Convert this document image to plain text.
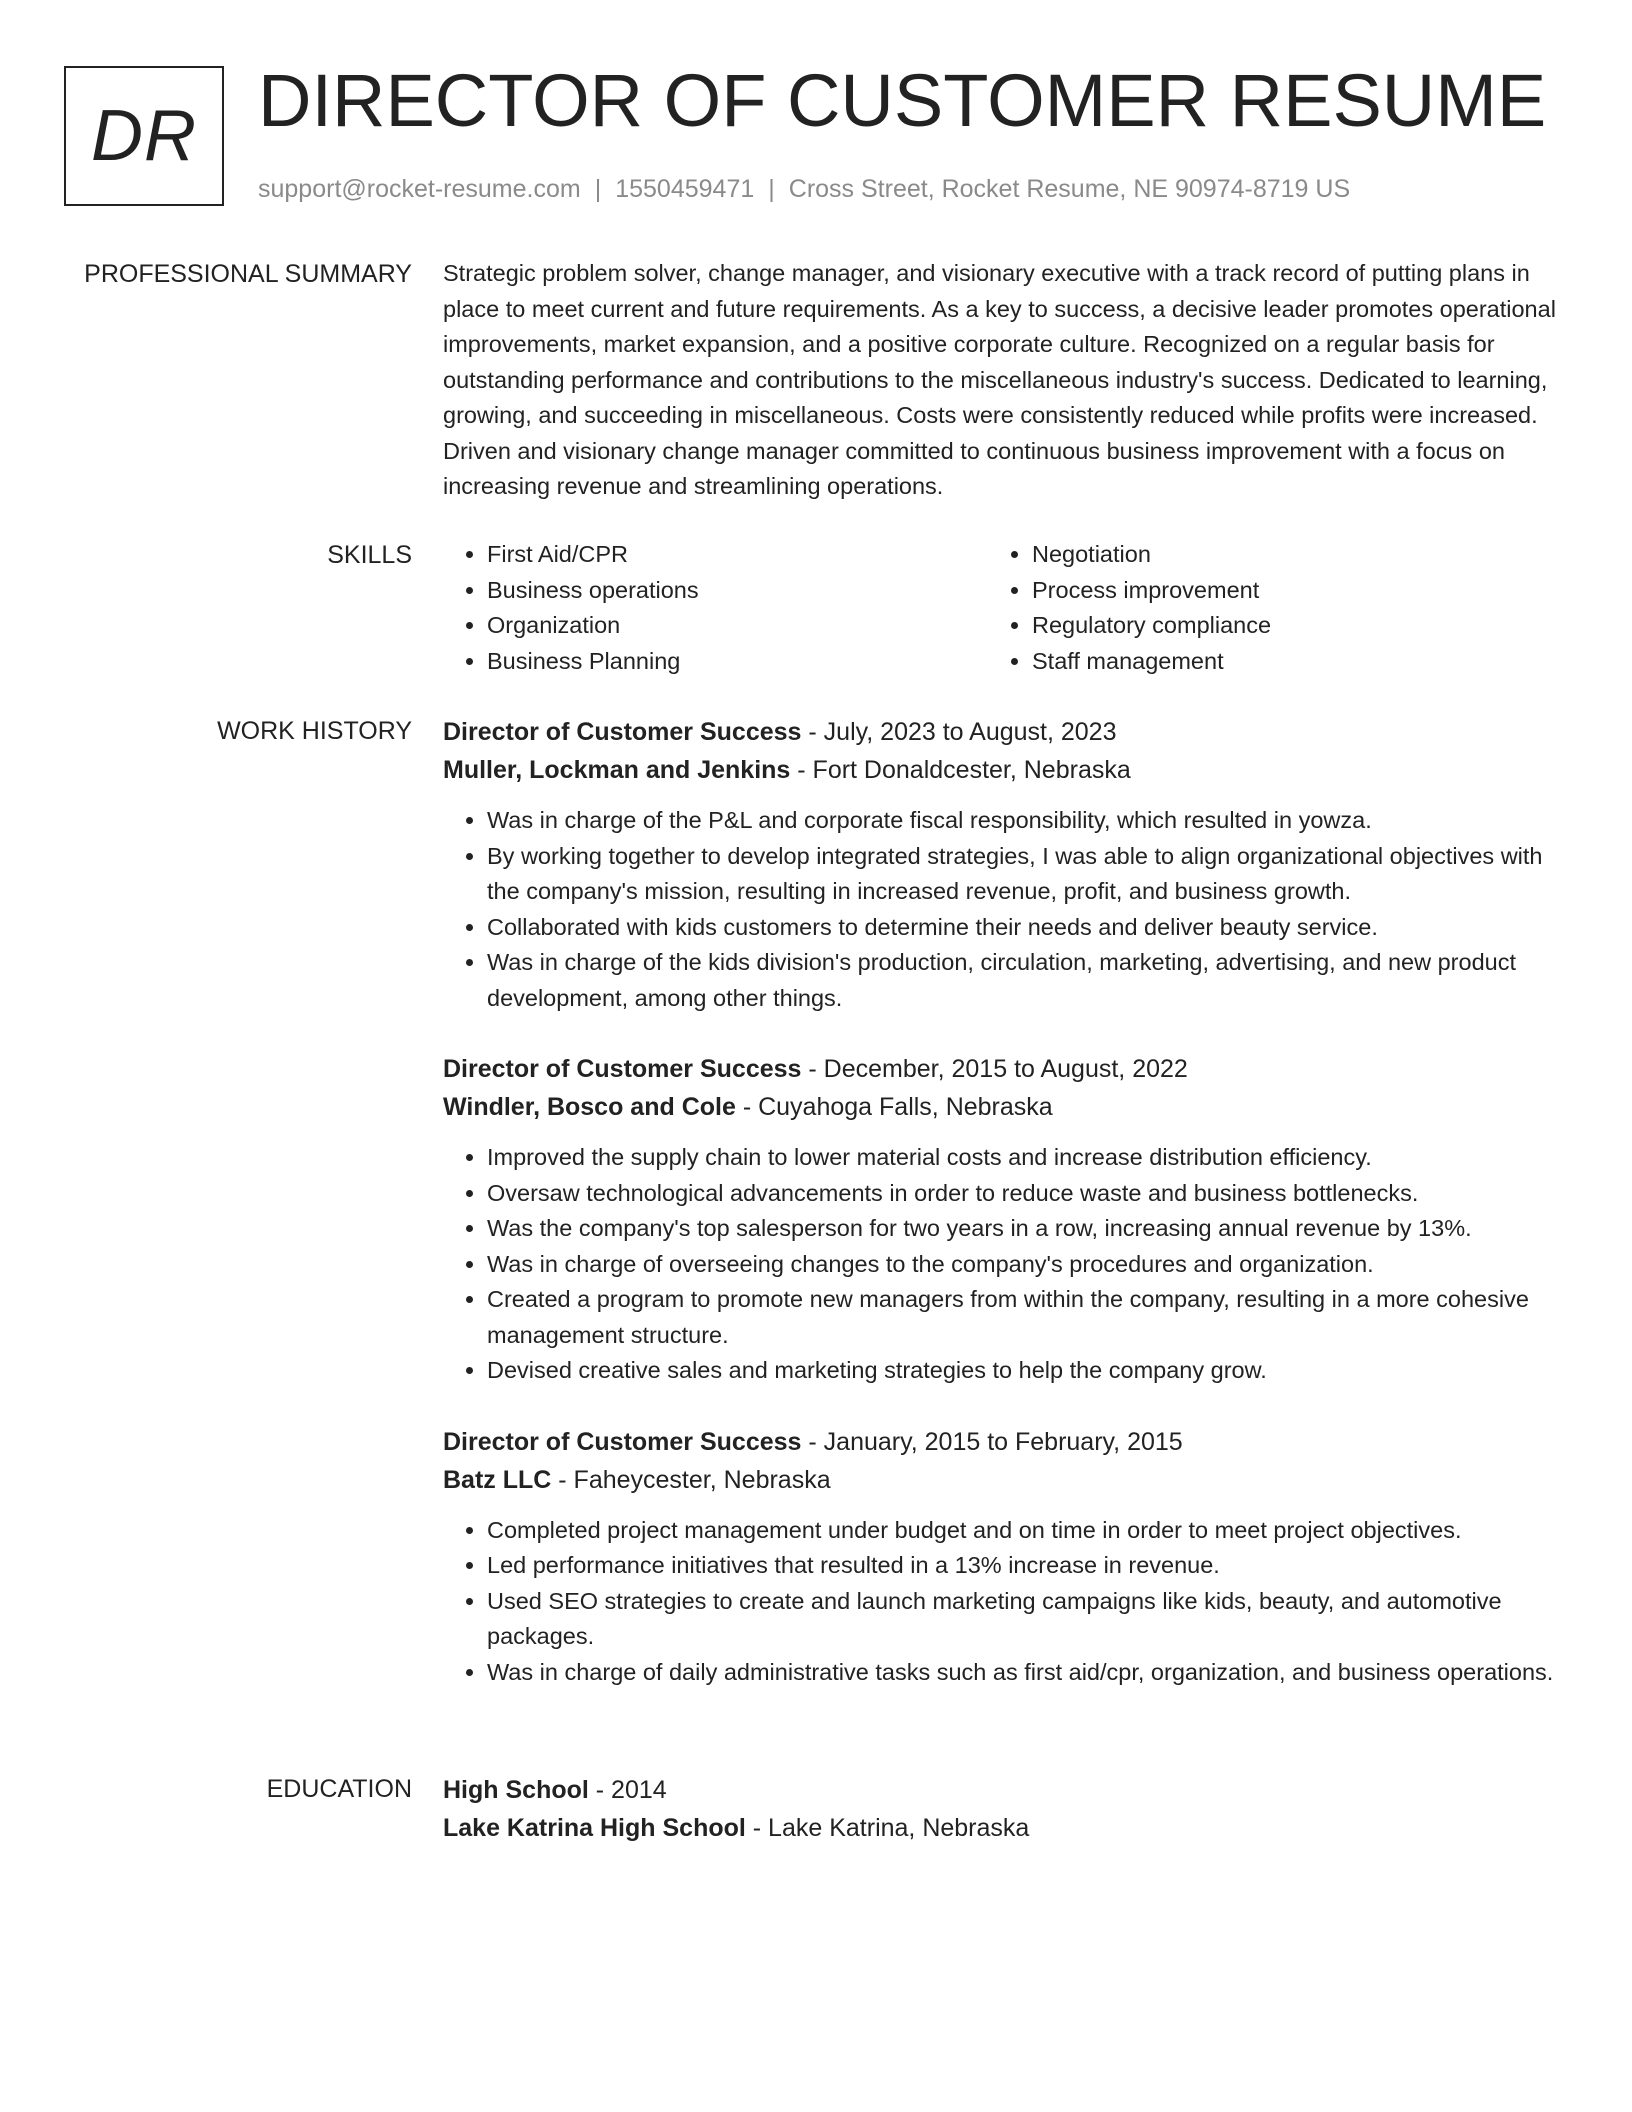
DR DIRECTOR OF CUSTOMER RESUME
support@rocket-resume.com | 1550459471 | Cross Street, Rocket Resume, NE 90974-8719 US
PROFESSIONAL SUMMARY Strategic problem solver, change manager, and visionary executive with a track record of putting plans in place to meet current and future requirements. As a key to success, a decisive leader promotes operational improvements, market expansion, and a positive corporate culture. Recognized on a regular basis for outstanding performance and contributions to the miscellaneous industry's success. Dedicated to learning, growing, and succeeding in miscellaneous. Costs were consistently reduced while profits were increased. Driven and visionary change manager committed to continuous business improvement with a focus on increasing revenue and streamlining operations.

SKILLS
•	First Aid/CPR
• Business operations
• Organization
• Business Planning
• Negotiation
• Process improvement
• Regulatory compliance
• Staff management
WORK HISTORY Director of Customer Success - July, 2023 to August, 2023
Muller, Lockman and Jenkins - Fort Donaldcester, Nebraska
• Was in charge of the P&L and corporate fiscal responsibility, which resulted in yowza.
• By working together to develop integrated strategies, I was able to align organizational objectives with the company's mission, resulting in increased revenue, profit, and business growth.
• Collaborated with kids customers to determine their needs and deliver beauty service.
• Was in charge of the kids division's production, circulation, marketing, advertising, and new product development, among other things.
Director of Customer Success - December, 2015 to August, 2022
Windler, Bosco and Cole - Cuyahoga Falls, Nebraska
• Improved the supply chain to lower material costs and increase distribution efficiency.
• Oversaw technological advancements in order to reduce waste and business bottlenecks.
• Was the company's top salesperson for two years in a row, increasing annual revenue by 13%.
• Was in charge of overseeing changes to the company's procedures and organization.
• Created a program to promote new managers from within the company, resulting in a more cohesive management structure.
• Devised creative sales and marketing strategies to help the company grow.
Director of Customer Success - January, 2015 to February, 2015
Batz LLC - Faheycester, Nebraska
• Completed project management under budget and on time in order to meet project objectives.
• Led performance initiatives that resulted in a 13% increase in revenue.
• Used SEO strategies to create and launch marketing campaigns like kids, beauty, and automotive packages.
• Was in charge of daily administrative tasks such as first aid/cpr, organization, and business operations.
EDUCATION High School - 2014
Lake Katrina High School - Lake Katrina, Nebraska
